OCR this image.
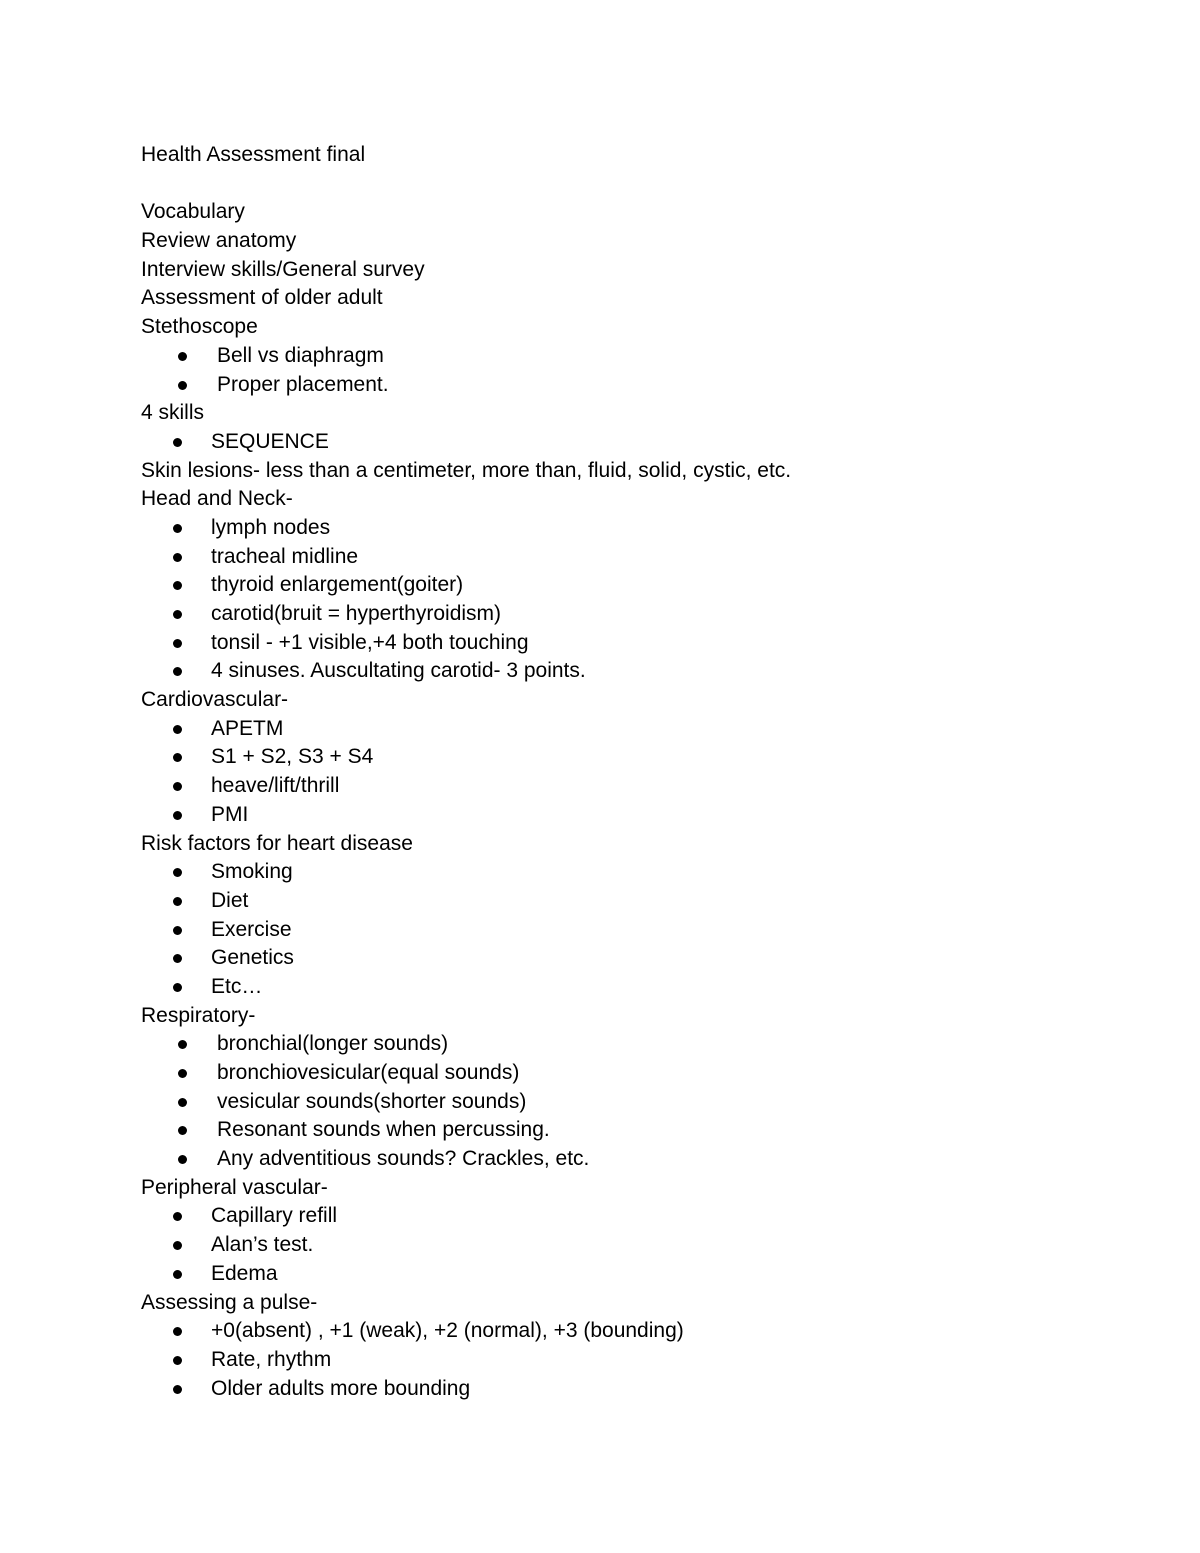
Health Assessment final

Vocabulary
Review anatomy
Interview skills/General survey
Assessment of older adult
Stethoscope
Bell vs diaphragm
Proper placement.
4 skills
SEQUENCE
Skin lesions- less than a centimeter, more than, fluid, solid, cystic, etc.
Head and Neck-
lymph nodes
tracheal midline
thyroid enlargement(goiter)
carotid(bruit = hyperthyroidism)
tonsil - +1 visible,+4 both touching
4 sinuses. Auscultating carotid- 3 points.
Cardiovascular-
APETM
S1 + S2, S3 + S4
heave/lift/thrill
PMI
Risk factors for heart disease
Smoking
Diet
Exercise
Genetics
Etc…
Respiratory-
bronchial(longer sounds)
bronchiovesicular(equal sounds)
vesicular sounds(shorter sounds)
Resonant sounds when percussing.
Any adventitious sounds? Crackles, etc.
Peripheral vascular-
Capillary refill
Alan’s test.
Edema
Assessing a pulse-
+0(absent) , +1 (weak), +2 (normal), +3 (bounding)
Rate, rhythm
Older adults more bounding
